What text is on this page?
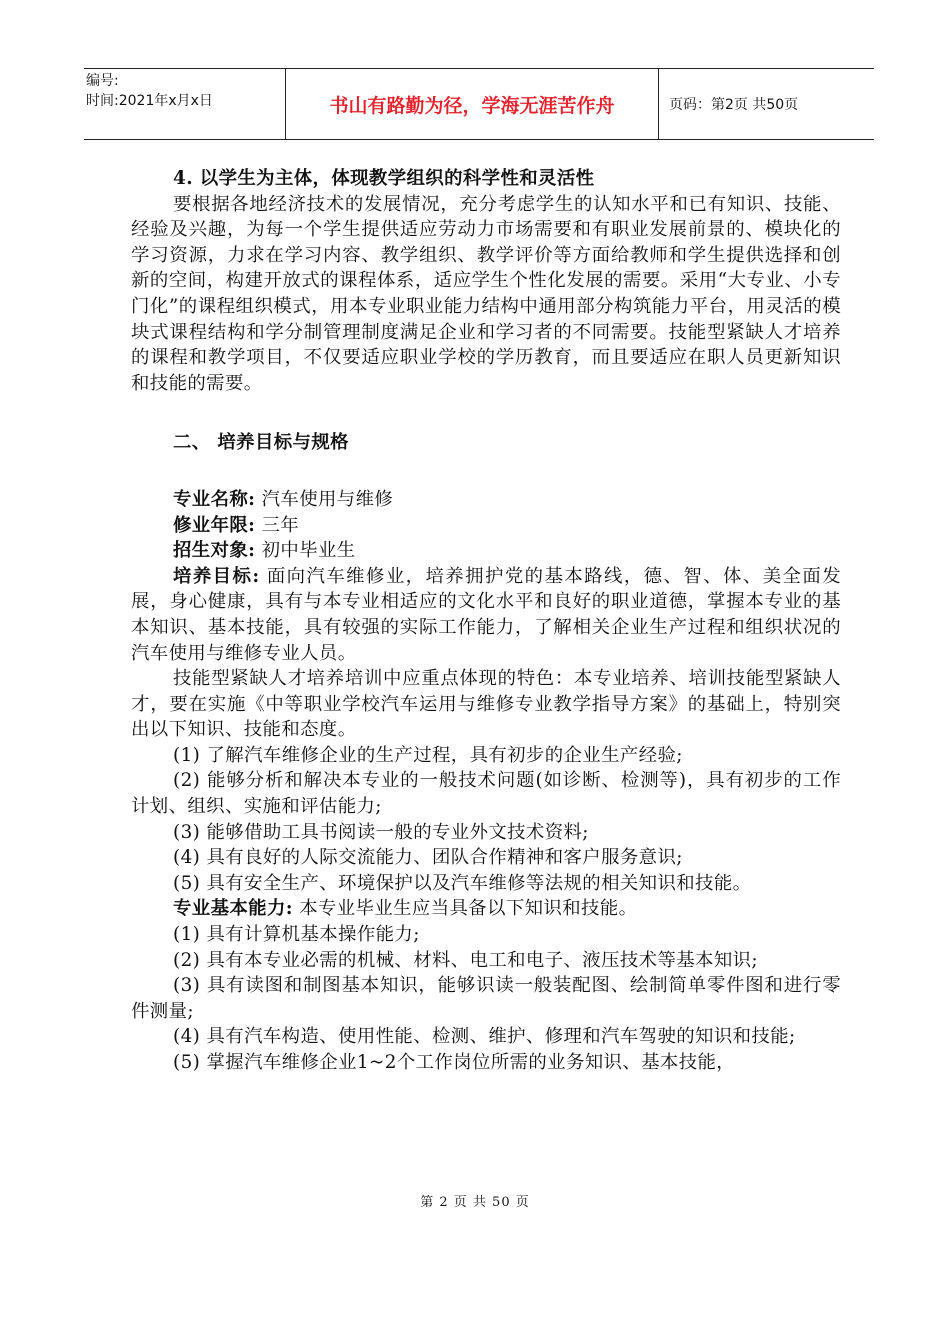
编号:
时间:2021年x月x日	书山有路勤为径，学海无涯苦作舟	页码：第2页 共50页

4. 以学生为主体，体现教学组织的科学性和灵活性

要根据各地经济技术的发展情况，充分考虑学生的认知水平和已有知识、技能、经验及兴趣，为每一个学生提供适应劳动力市场需要和有职业发展前景的、模块化的学习资源，力求在学习内容、教学组织、教学评价等方面给教师和学生提供选择和创新的空间，构建开放式的课程体系，适应学生个性化发展的需要。采用“大专业、小专门化”的课程组织模式，用本专业职业能力结构中通用部分构筑能力平台，用灵活的模块式课程结构和学分制管理制度满足企业和学习者的不同需要。技能型紧缺人才培养的课程和教学项目，不仅要适应职业学校的学历教育，而且要适应在职人员更新知识和技能的需要。

二、 培养目标与规格

专业名称: 汽车使用与维修

修业年限: 三年

招生对象: 初中毕业生

培养目标: 面向汽车维修业，培养拥护党的基本路线，德、智、体、美全面发展，身心健康，具有与本专业相适应的文化水平和良好的职业道德，掌握本专业的基本知识、基本技能，具有较强的实际工作能力，了解相关企业生产过程和组织状况的汽车使用与维修专业人员。

技能型紧缺人才培养培训中应重点体现的特色：本专业培养、培训技能型紧缺人才，要在实施《中等职业学校汽车运用与维修专业教学指导方案》的基础上，特别突出以下知识、技能和态度。

(1) 了解汽车维修企业的生产过程，具有初步的企业生产经验;

(2) 能够分析和解决本专业的一般技术问题(如诊断、检测等)，具有初步的工作计划、组织、实施和评估能力;

(3) 能够借助工具书阅读一般的专业外文技术资料;

(4) 具有良好的人际交流能力、团队合作精神和客户服务意识;

(5) 具有安全生产、环境保护以及汽车维修等法规的相关知识和技能。

专业基本能力: 本专业毕业生应当具备以下知识和技能。

(1) 具有计算机基本操作能力;

(2) 具有本专业必需的机械、材料、电工和电子、液压技术等基本知识;

(3) 具有读图和制图基本知识，能够识读一般装配图、绘制简单零件图和进行零件测量;

(4) 具有汽车构造、使用性能、检测、维护、修理和汽车驾驶的知识和技能;

(5) 掌握汽车维修企业1~2个工作岗位所需的业务知识、基本技能，

第 2 页 共 50 页
